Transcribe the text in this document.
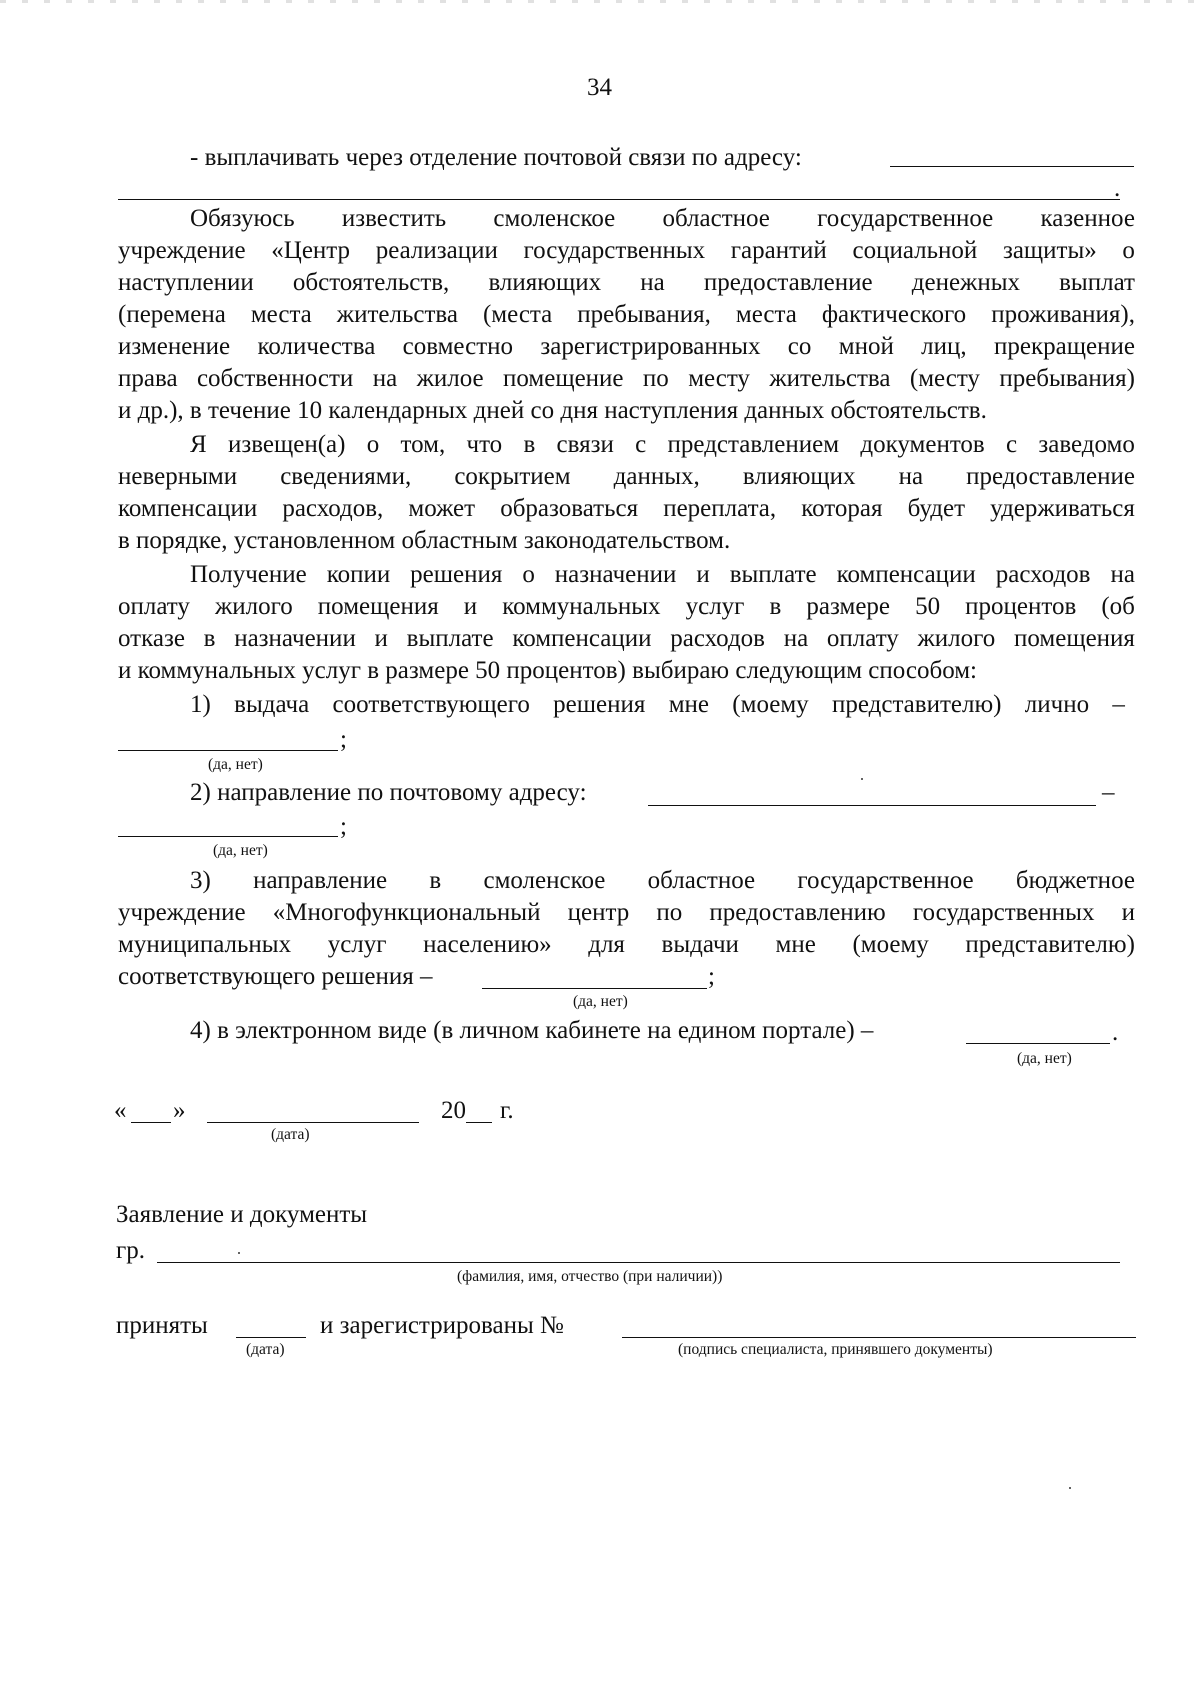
34
- выплачивать через отделение почтовой связи по адресу:
.
Обязуюсь известить смоленское областное государственное казенное
учреждение «Центр реализации государственных гарантий социальной защиты» о
наступлении обстоятельств, влияющих на предоставление денежных выплат
(перемена места жительства (места пребывания, места фактического проживания),
изменение количества совместно зарегистрированных со мной лиц, прекращение
права собственности на жилое помещение по месту жительства (месту пребывания)
и др.), в течение 10 календарных дней со дня наступления данных обстоятельств.
Я извещен(а) о том, что в связи с представлением документов с заведомо
неверными сведениями, сокрытием данных, влияющих на предоставление
компенсации расходов, может образоваться переплата, которая будет удерживаться
в порядке, установленном областным законодательством.
Получение копии решения о назначении и выплате компенсации расходов на
оплату жилого помещения и коммунальных услуг в размере 50 процентов (об
отказе в назначении и выплате компенсации расходов на оплату жилого помещения
и коммунальных услуг в размере 50 процентов) выбираю следующим способом:
1) выдача соответствующего решения мне (моему представителю) лично –
;
(да, нет)
2) направление по почтовому адресу:	–
;
(да, нет)
3) направление в смоленское областное государственное бюджетное
учреждение «Многофункциональный центр по предоставлению государственных и
муниципальных услуг населению» для выдачи мне (моему представителю)
соответствующего решения –	;
(да, нет)
4) в электронном виде (в личном кабинете на едином портале) –	.
(да, нет)
« »	20 г.
(дата)
Заявление и документы
гр.
(фамилия, имя, отчество (при наличии))
приняты	и зарегистрированы №
(дата)	(подпись специалиста, принявшего документы)
